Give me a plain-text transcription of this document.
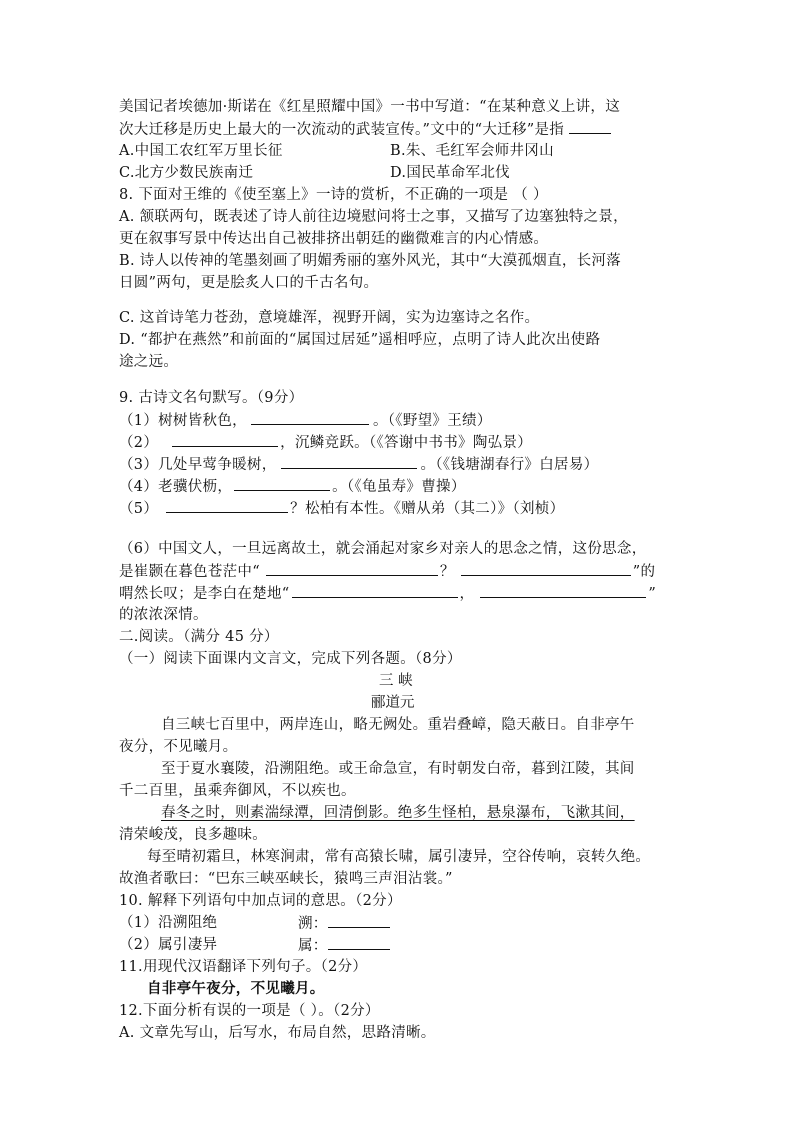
美国记者埃德加·斯诺在《红星照耀中国》一书中写道：“在某种意义上讲，这
次大迁移是历史上最大的一次流动的武装宣传。”文中的“大迁移”是指
A.中国工农红军万里长征	B.朱、毛红军会师井冈山
C.北方少数民族南迁	D.国民革命军北伐
8. 下面对王维的《使至塞上》一诗的赏析，不正确的一项是 （ ）
A. 颔联两句，既表述了诗人前往边境慰问将士之事，又描写了边塞独特之景，
更在叙事写景中传达出自己被排挤出朝廷的幽微难言的内心情感。
B. 诗人以传神的笔墨刻画了明媚秀丽的塞外风光，其中“大漠孤烟直，长河落
日圆”两句，更是脍炙人口的千古名句。
C. 这首诗笔力苍劲，意境雄浑，视野开阔，实为边塞诗之名作。
D. “都护在燕然”和前面的“属国过居延”遥相呼应，点明了诗人此次出使路
途之远。
9. 古诗文名句默写。（9分）
（1）树树皆秋色，	。（《野望》王绩）
（2）	，沉鳞竞跃。（《答谢中书书》陶弘景）
（3）几处早莺争暖树，	。（《钱塘湖春行》白居易）
（4）老骥伏枥，	。（《龟虽寿》曹操）
（5）	？松柏有本性。《赠从弟（其二）》（刘桢）
（6）中国文人，一旦远离故土，就会涌起对家乡对亲人的思念之情，这份思念，
是崔颢在暮色苍茫中“	？	”的
喟然长叹；是李白在楚地“	，	”
的浓浓深情。
二.阅读。（满分 45 分）
（一）阅读下面课内文言文，完成下列各题。（8分）
三 峡
郦道元
自三峡七百里中，两岸连山，略无阙处。重岩叠嶂，隐天蔽日。自非亭午
夜分，不见曦月。
至于夏水襄陵，沿溯阻绝。或王命急宣，有时朝发白帝，暮到江陵，其间
千二百里，虽乘奔御风，不以疾也。
春冬之时，则素湍绿潭，回清倒影。绝多生怪柏，悬泉瀑布，飞漱其间，
清荣峻茂，良多趣味。
每至晴初霜旦，林寒涧肃，常有高猿长啸，属引凄异，空谷传响，哀转久绝。
故渔者歌曰：“巴东三峡巫峡长，猿鸣三声泪沾裳。”
10. 解释下列语句中加点词的意思。（2分）
（1）沿溯阻绝	溯：
（2）属引凄异	属：
11.用现代汉语翻译下列句子。（2分）
自非亭午夜分，不见曦月。
12.下面分析有误的一项是（ ）。（2分）
A. 文章先写山，后写水，布局自然，思路清晰。
